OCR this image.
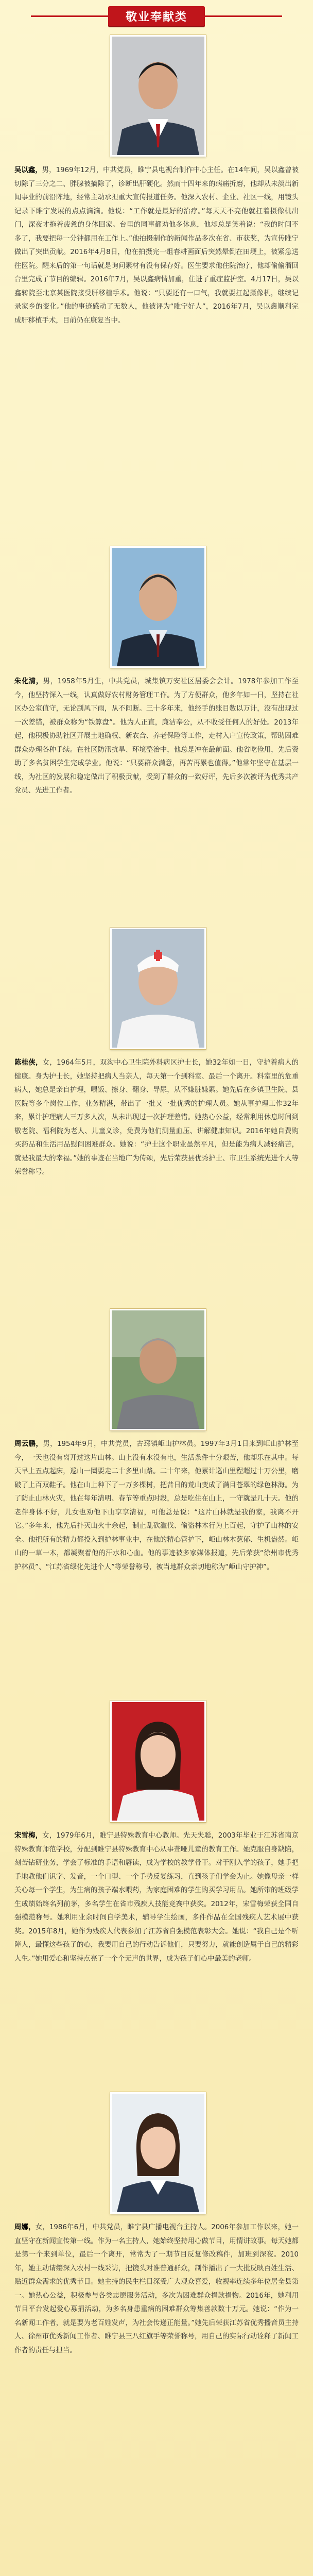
敬业奉献类
吴以鑫，男，1969年12月，中共党员，睢宁县电视台制作中心主任。在14年间，吴以鑫曾被切除了三分之二、胖腺被摘除了，诊断出肝硬化。然而十四年来的病痛折磨，他却从未淡出新闻事业的前沿阵地，经常主动承担重大宣传报道任务。他深入农村、企业、社区一线，用镜头记录下睢宁发展的点点滴滴。他说：“工作就是最好的治疗。”每天天不亮他就扛着摄像机出门，深夜才拖着疲惫的身体回家。台里的同事都劝他多休息，他却总是笑着说：“我的时间不多了，我要把每一分钟都用在工作上。”他拍摄制作的新闻作品多次在省、市获奖，为宣传睢宁做出了突出贡献。2016年4月8日，他在拍摄完一组春耕画面后突然晕倒在田埂上，被紧急送往医院。醒来后的第一句话就是询问素材有没有保存好。医生要求他住院治疗，他却偷偷溜回台里完成了节目的编辑。2016年7月，吴以鑫病情加重，住进了重症监护室。4月17日，吴以鑫转院至北京某医院接受肝移植手术。他说：“只要还有一口气，我就要扛起摄像机，继续记录家乡的变化。”他的事迹感动了无数人，他被评为“睢宁好人”，2016年7月，吴以鑫顺利完成肝移植手术，目前仍在康复当中。
朱化清，男，1958年5月生，中共党员，城集镇万安社区居委会会计。1978年参加工作至今，他坚持深入一线，认真做好农村财务管理工作。为了方便群众，他多年如一日，坚持在社区办公室值守，无论刮风下雨，从不间断。三十多年来，他经手的账目数以万计，没有出现过一次差错，被群众称为“铁算盘”。他为人正直，廉洁奉公，从不收受任何人的好处。2013年起，他积极协助社区开展土地确权、新农合、养老保险等工作，走村入户宣传政策，帮助困难群众办理各种手续。在社区防汛抗旱、环境整治中，他总是冲在最前面。他省吃俭用，先后资助了多名贫困学生完成学业。他说：“只要群众满意，再苦再累也值得。”他常年坚守在基层一线，为社区的发展和稳定做出了积极贡献，受到了群众的一致好评，先后多次被评为优秀共产党员、先进工作者。
陈桂侠，女，1964年5月，双沟中心卫生院外科病区护士长，她32年如一日，守护着病人的健康。身为护士长，她坚持把病人当亲人，每天第一个到科室、最后一个离开。科室里的危重病人，她总是亲自护理，喂饭、擦身、翻身、导尿，从不嫌脏嫌累。她先后在乡镇卫生院、县医院等多个岗位工作，业务精湛，带出了一批又一批优秀的护理人员。她从事护理工作32年来，累计护理病人三万多人次，从未出现过一次护理差错。她热心公益，经常利用休息时间到敬老院、福利院为老人、儿童义诊，免费为他们测量血压、讲解健康知识。2016年她自费购买药品和生活用品慰问困难群众。她说：“护士这个职业虽然平凡，但是能为病人减轻痛苦，就是我最大的幸福。”她的事迹在当地广为传颂，先后荣获县优秀护士、市卫生系统先进个人等荣誉称号。
周云鹏，男，1954年9月，中共党员，古邳镇岠山护林员。1997年3月1日来到岠山护林至今，一天也没有离开过这片山林。山上没有水没有电，生活条件十分艰苦，他却乐在其中。每天早上五点起床，巡山一圈要走二十多里山路。二十年来，他累计巡山里程超过十万公里，磨破了上百双鞋子。他在山上种下了一万多棵树，把昔日的荒山变成了满目苍翠的绿色林海。为了防止山林火灾，他在每年清明、春节等重点时段，总是吃住在山上，一守就是几十天。他的老伴身体不好，儿女也劝他下山享享清福，可他总是说：“这片山林就是我的家，我离不开它。”多年来，他先后扑灭山火十余起，制止乱砍滥伐、偷盗林木行为上百起，守护了山林的安全。他把所有的精力都投入到护林事业中，在他的精心管护下，岠山林木葱郁、生机盎然。岠山的一草一木，都凝聚着他的汗水和心血。他的事迹被多家媒体报道，先后荣获“徐州市优秀护林员”、“江苏省绿化先进个人”等荣誉称号，被当地群众亲切地称为“岠山守护神”。
宋雪梅，女，1979年6月，睢宁县特殊教育中心教师。先天失聪，2003年毕业于江苏省南京特殊教育师范学校，分配到睢宁县特殊教育中心从事聋哑儿童的教育工作。她克服自身缺陷，刻苦钻研业务，学会了标准的手语和唇读，成为学校的教学骨干。对于刚入学的孩子，她手把手地教他们识字、发音，一个口型、一个手势反复练习，直到孩子们学会为止。她像母亲一样关心每一个学生，为生病的孩子端水喂药，为家庭困难的学生购买学习用品。她所带的班级学生成绩始终名列前茅，多名学生在省市残疾人技能竞赛中获奖。2012年，宋雪梅荣获全国自强模范称号。她利用业余时间自学美术，辅导学生绘画，多件作品在全国残疾人艺术展中获奖。2015年8月，她作为残疾人代表参加了江苏省自强模范表彰大会。她说：“我自己是个听障人，最懂这些孩子的心，我要用自己的行动告诉他们，只要努力，就能创造属于自己的精彩人生。”她用爱心和坚持点亮了一个个无声的世界，成为孩子们心中最美的老师。
周娜，女，1986年6月，中共党员，睢宁县广播电视台主持人。2006年参加工作以来，她一直坚守在新闻宣传第一线。作为一名主持人，她始终坚持用心做节目，用情讲故事。每天她都是第一个来到单位，最后一个离开，常常为了一期节目反复修改稿件，加班到深夜。2010年，她主动请缨深入农村一线采访，把镜头对准普通群众，制作播出了一大批反映百姓生活、贴近群众需求的优秀节目。她主持的民生栏目深受广大观众喜爱，收视率连续多年位居全县第一。她热心公益，积极参与各类志愿服务活动，多次为困难群众捐款捐物。2016年，她利用节目平台发起爱心募捐活动，为多名身患重病的困难群众筹集善款数十万元。她说：“作为一名新闻工作者，就是要为老百姓发声，为社会传递正能量。”她先后荣获江苏省优秀播音员主持人、徐州市优秀新闻工作者、睢宁县三八红旗手等荣誉称号，用自己的实际行动诠释了新闻工作者的责任与担当。
